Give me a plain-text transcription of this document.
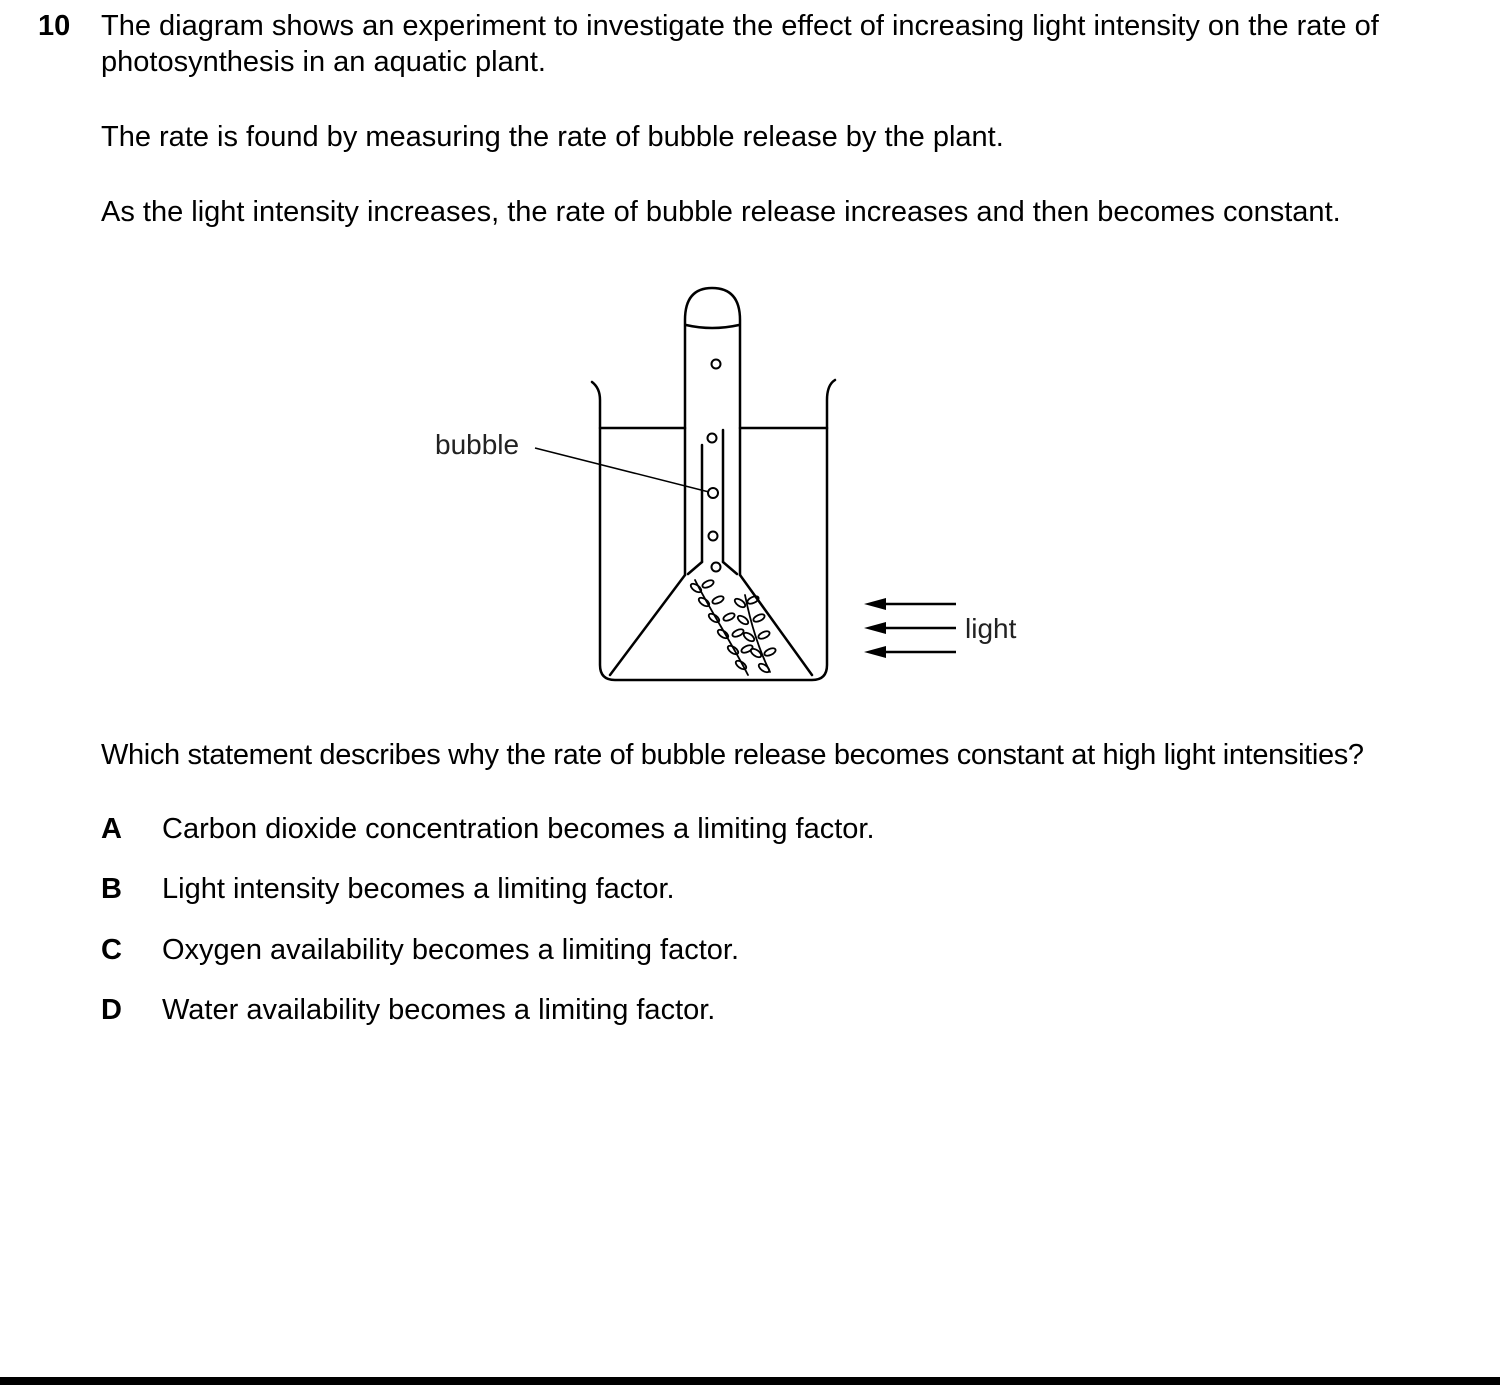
10 The diagram shows an experiment to investigate the effect of increasing light intensity on the rate of photosynthesis in an aquatic plant.

The rate is found by measuring the rate of bubble release by the plant.

As the light intensity increases, the rate of bubble release increases and then becomes constant.

bubble
light

Which statement describes why the rate of bubble release becomes constant at high light intensities?

A Carbon dioxide concentration becomes a limiting factor.
B Light intensity becomes a limiting factor.
C Oxygen availability becomes a limiting factor.
D Water availability becomes a limiting factor.
